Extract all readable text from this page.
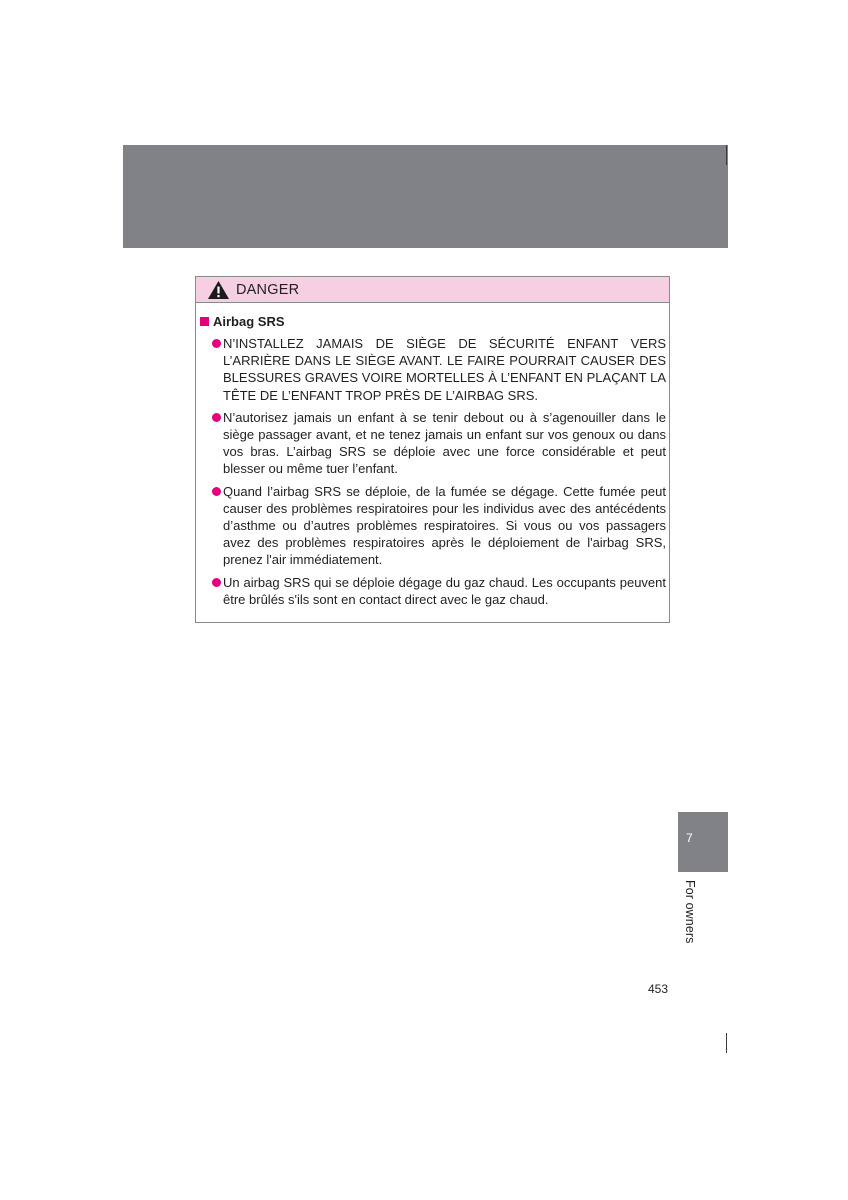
DANGER
Airbag SRS
N’INSTALLEZ JAMAIS DE SIÈGE DE SÉCURITÉ ENFANT VERS L’ARRIÈRE DANS LE SIÈGE AVANT. LE FAIRE POURRAIT CAUSER DES BLESSURES GRAVES VOIRE MORTELLES À L’ENFANT EN PLAÇANT LA TÊTE DE L’ENFANT TROP PRÈS DE L’AIRBAG SRS.
N’autorisez jamais un enfant à se tenir debout ou à s’agenouiller dans le siège passager avant, et ne tenez jamais un enfant sur vos genoux ou dans vos bras. L’airbag SRS se déploie avec une force considérable et peut blesser ou même tuer l’enfant.
Quand l’airbag SRS se déploie, de la fumée se dégage. Cette fumée peut causer des problèmes respiratoires pour les individus avec des antécédents d’asthme ou d’autres problèmes respiratoires. Si vous ou vos passagers avez des problèmes respiratoires après le déploiement de l'airbag SRS, prenez l'air immédiatement.
Un airbag SRS qui se déploie dégage du gaz chaud. Les occupants peuvent être brûlés s'ils sont en contact direct avec le gaz chaud.
7
For owners
453
